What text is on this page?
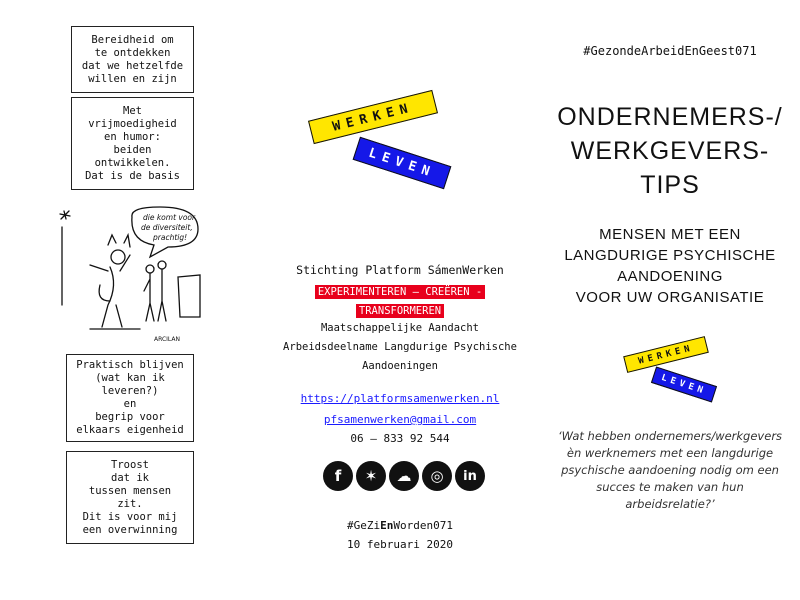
Bereidheid om
te ontdekken
dat we hetzelfde
willen en zijn
Met
vrijmoedigheid
en humor:
beiden
ontwikkelen.
Dat is de basis
die komt voor
de diversiteit,
prachtig!
ARCILAN
Praktisch blijven
(wat kan ik
leveren?)
en
begrip voor
elkaars eigenheid
Troost
dat ik
tussen mensen
zit.
Dit is voor mij
een overwinning
WERKEN
LEVEN
Stichting Platform SámenWerken
EXPERIMENTEREN – CREËREN -
TRANSFORMEREN
Maatschappelijke Aandacht
Arbeidsdeelname Langdurige Psychische
Aandoeningen
https://platformsamenwerken.nl
pfsamenwerken@gmail.com
06 – 833 92 544
f ✶ ☁ ◎ in
#GeZiEnWorden071
10 februari 2020
#GezondeArbeidEnGeest071
ONDERNEMERS-/
WERKGEVERS-
TIPS
MENSEN MET EEN
LANGDURIGE PSYCHISCHE
AANDOENING
VOOR UW ORGANISATIE
WERKEN
LEVEN
‘Wat hebben ondernemers/werkgevers èn werknemers met een langdurige psychische aandoening nodig om een succes te maken van hun arbeidsrelatie?’
